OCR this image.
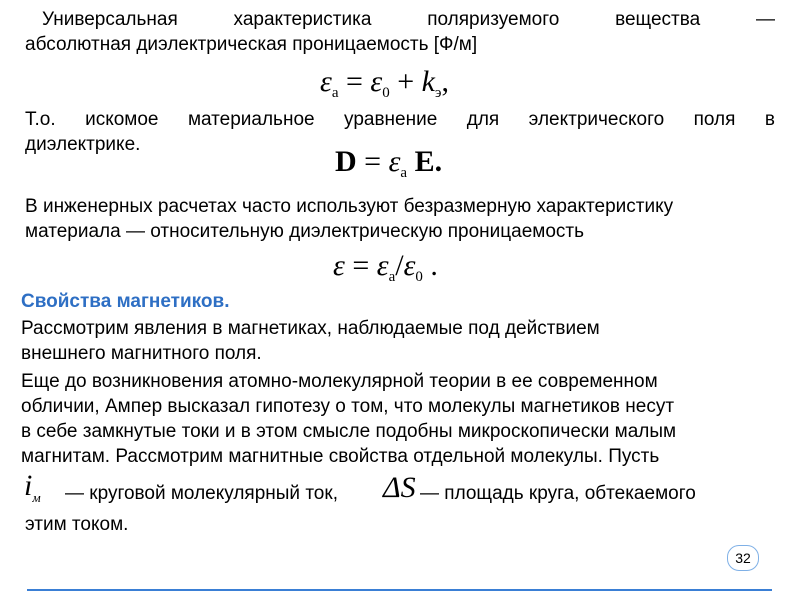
Универсальная характеристика поляризуемого вещества —
абсолютная диэлектрическая проницаемость [Ф/м]
$\varepsilon_a = \varepsilon_0 + k_э$,
Т.о. искомое материальное уравнение для электрического поля в
диэлектрике.
$D = \varepsilon_a$ E.
В инженерных расчетах часто используют безразмерную характеристику
материала — относительную диэлектрическую проницаемость
$\varepsilon = \varepsilon_a/\varepsilon_0$ .
Свойства магнетиков.
Рассмотрим явления в магнетиках, наблюдаемые под действием
внешнего магнитного поля.
Еще до возникновения атомно-молекулярной теории в ее современном
обличии, Ампер высказал гипотезу о том, что молекулы магнетиков несут
в себе замкнутые токи и в этом смысле подобны микроскопически малым
магнитам. Рассмотрим магнитные свойства отдельной молекулы. Пусть
$i_м$ — круговой молекулярный ток, ΔS — площадь круга, обтекаемого
этим током.
32
